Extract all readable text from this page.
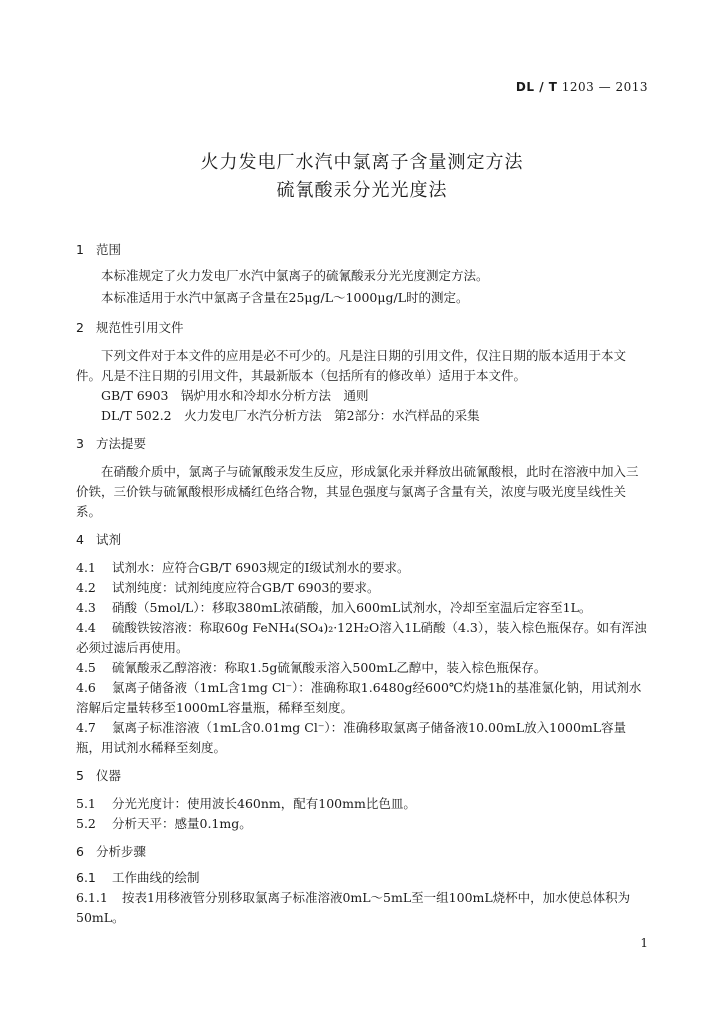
DL / T 1203 — 2013
火力发电厂水汽中氯离子含量测定方法
硫氰酸汞分光光度法
1 范围

本标准规定了火力发电厂水汽中氯离子的硫氰酸汞分光光度测定方法。

本标准适用于水汽中氯离子含量在25μg/L～1000μg/L时的测定。

2 规范性引用文件

下列文件对于本文件的应用是必不可少的。凡是注日期的引用文件，仅注日期的版本适用于本文件。凡是不注日期的引用文件，其最新版本（包括所有的修改单）适用于本文件。

GB/T 6903　锅炉用水和冷却水分析方法　通则

DL/T 502.2　火力发电厂水汽分析方法　第2部分：水汽样品的采集

3 方法提要

在硝酸介质中，氯离子与硫氰酸汞发生反应，形成氯化汞并释放出硫氰酸根，此时在溶液中加入三价铁，三价铁与硫氰酸根形成橘红色络合物，其显色强度与氯离子含量有关，浓度与吸光度呈线性关系。

4 试剂

4.1 试剂水：应符合GB/T 6903规定的Ⅰ级试剂水的要求。

4.2 试剂纯度：试剂纯度应符合GB/T 6903的要求。

4.3 硝酸（5mol/L）：移取380mL浓硝酸，加入600mL试剂水，冷却至室温后定容至1L。

4.4 硫酸铁铵溶液：称取60g FeNH₄(SO₄)₂·12H₂O溶入1L硝酸（4.3），装入棕色瓶保存。如有浑浊必须过滤后再使用。

4.5 硫氰酸汞乙醇溶液：称取1.5g硫氰酸汞溶入500mL乙醇中，装入棕色瓶保存。

4.6 氯离子储备液（1mL含1mg Cl⁻）：准确称取1.6480g经600℃灼烧1h的基准氯化钠，用试剂水溶解后定量转移至1000mL容量瓶，稀释至刻度。

4.7 氯离子标准溶液（1mL含0.01mg Cl⁻）：准确移取氯离子储备液10.00mL放入1000mL容量瓶，用试剂水稀释至刻度。

5 仪器

5.1 分光光度计：使用波长460nm，配有100mm比色皿。

5.2 分析天平：感量0.1mg。

6 分析步骤
6.1 工作曲线的绘制

6.1.1 按表1用移液管分别移取氯离子标准溶液0mL～5mL至一组100mL烧杯中，加水使总体积为50mL。

1
